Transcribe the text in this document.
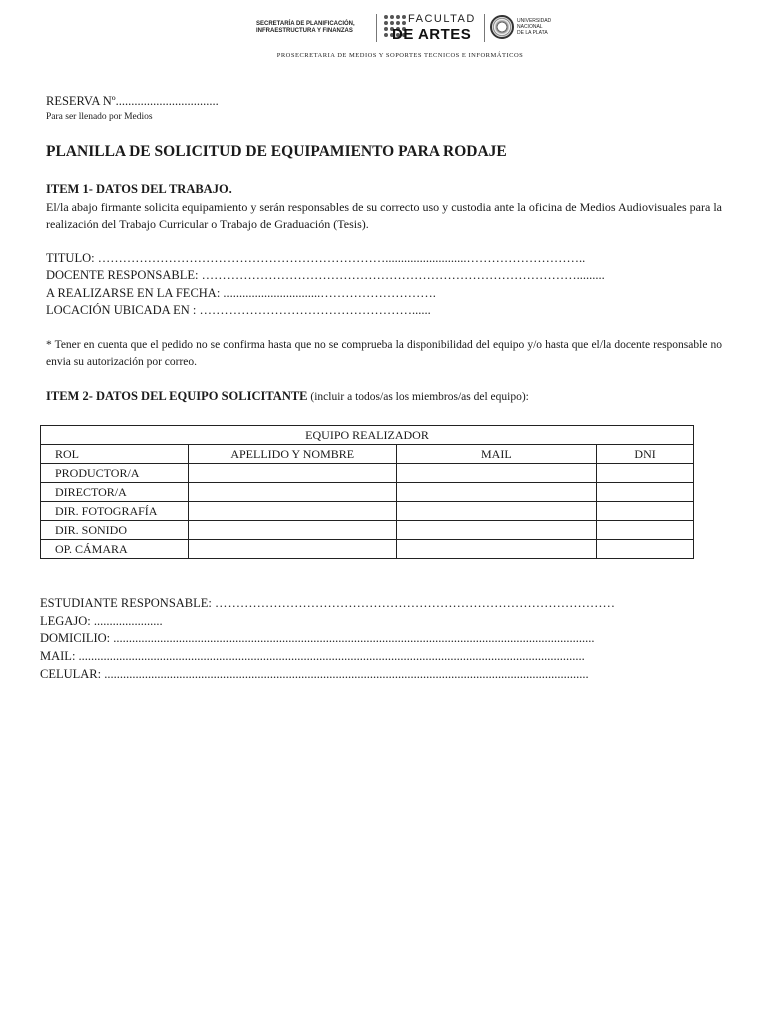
SECRETARÍA DE PLANIFICACIÓN,
INFRAESTRUCTURA Y FINANZAS
FACULTAD
DE ARTES
UNIVERSIDAD
NACIONAL
DE LA PLATA
PROSECRETARIA DE MEDIOS Y SOPORTES TECNICOS E INFORMÁTICOS
RESERVA Nº.................................
Para ser llenado por Medios
PLANILLA DE SOLICITUD DE EQUIPAMIENTO PARA RODAJE
ITEM 1- DATOS DEL TRABAJO.
El/la abajo firmante solicita equipamiento y serán responsables de su correcto uso y custodia ante la oficina de Medios Audiovisuales para la realización del Trabajo Curricular o Trabajo de Graduación (Tesis).
TITULO: ……………………………………………………………..........................………………………..
DOCENTE RESPONSABLE: ……………………………………………………………………………….........
A REALIZARSE EN LA FECHA: ...............................……………………….
LOCACIÓN UBICADA EN : ……………………………………………......
* Tener en cuenta que el pedido no se confirma hasta que no se comprueba la disponibilidad del equipo y/o hasta que el/la docente responsable no envia su autorización por correo.
ITEM 2- DATOS DEL EQUIPO SOLICITANTE (incluir a todos/as los miembros/as del equipo):
EQUIPO REALIZADOR			
ROL	APELLIDO Y NOMBRE	MAIL	DNI
PRODUCTOR/A			
DIRECTOR/A			
DIR. FOTOGRAFÍA			
DIR. SONIDO			
OP. CÁMARA			
ESTUDIANTE RESPONSABLE: ……………………………………………………………………………………
LEGAJO: ......................
DOMICILIO: ..........................................................................................................................................................
MAIL: ..................................................................................................................................................................
CELULAR: ...........................................................................................................................................................
